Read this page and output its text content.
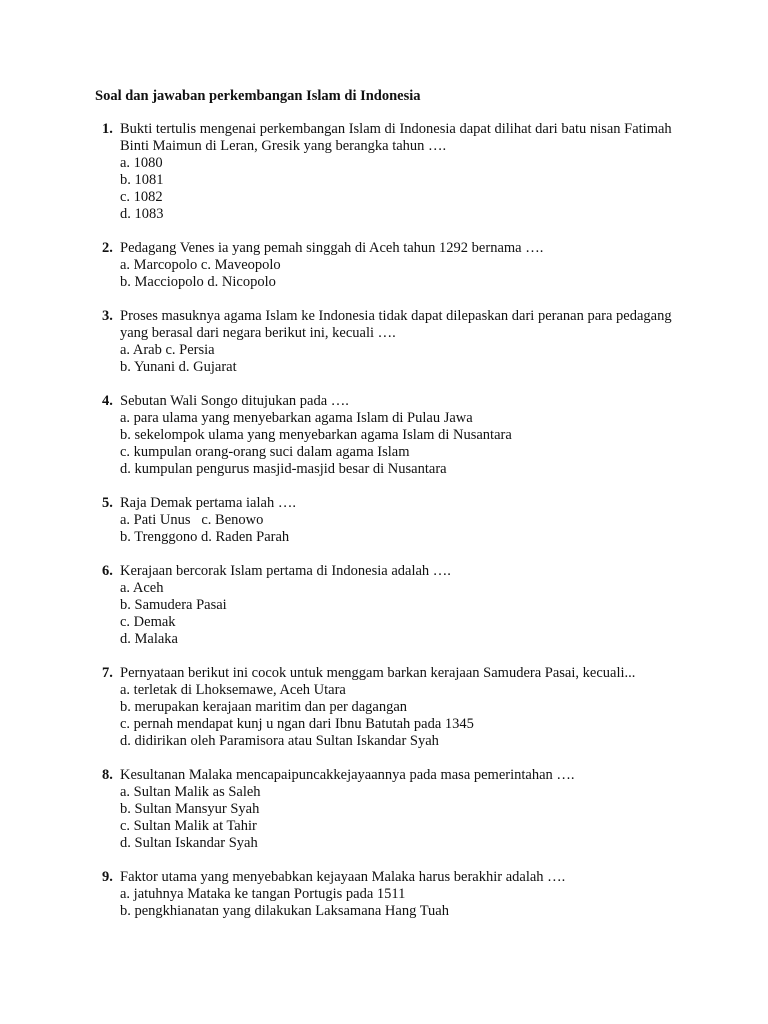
Soal dan jawaban perkembangan Islam di Indonesia
1. Bukti tertulis mengenai perkembangan Islam di Indonesia dapat dilihat dari batu nisan Fatimah Binti Maimun di Leran, Gresik yang berangka tahun ….

a. 1080
b. 1081
c. 1082
d. 1083
2. Pedagang Venes ia yang pemah singgah di Aceh tahun 1292 bernama ….

a. Marcopolo c. Maveopolo
b. Macciopolo d. Nicopolo
3. Proses masuknya agama Islam ke Indonesia tidak dapat dilepaskan dari peranan para pedagang yang berasal dari negara berikut ini, kecuali ….

a. Arab c. Persia
b. Yunani d. Gujarat
4. Sebutan Wali Songo ditujukan pada ….

a. para ulama yang menyebarkan agama Islam di Pulau Jawa
b. sekelompok ulama yang menyebarkan agama Islam di Nusantara
c. kumpulan orang-orang suci dalam agama Islam
d. kumpulan pengurus masjid-masjid besar di Nusantara
5. Raja Demak pertama ialah ….

a. Pati Unus   c. Benowo
b. Trenggono d. Raden Parah
6. Kerajaan bercorak Islam pertama di Indonesia adalah ….

a. Aceh
b. Samudera Pasai
c. Demak
d. Malaka
7. Pernyataan berikut ini cocok untuk menggam barkan kerajaan Samudera Pasai, kecuali...

a. terletak di Lhoksemawe, Aceh Utara
b. merupakan kerajaan maritim dan per dagangan
c. pernah mendapat kunj u ngan dari Ibnu Batutah pada 1345
d. didirikan oleh Paramisora atau Sultan Iskandar Syah
8. Kesultanan Malaka mencapaipuncakkejayaannya pada masa pemerintahan ….

a. Sultan Malik as Saleh
b. Sultan Mansyur Syah
c. Sultan Malik at Tahir
d. Sultan Iskandar Syah
9. Faktor utama yang menyebabkan kejayaan Malaka harus berakhir adalah ….

a. jatuhnya Mataka ke tangan Portugis pada 1511
b. pengkhianatan yang dilakukan Laksamana Hang Tuah
